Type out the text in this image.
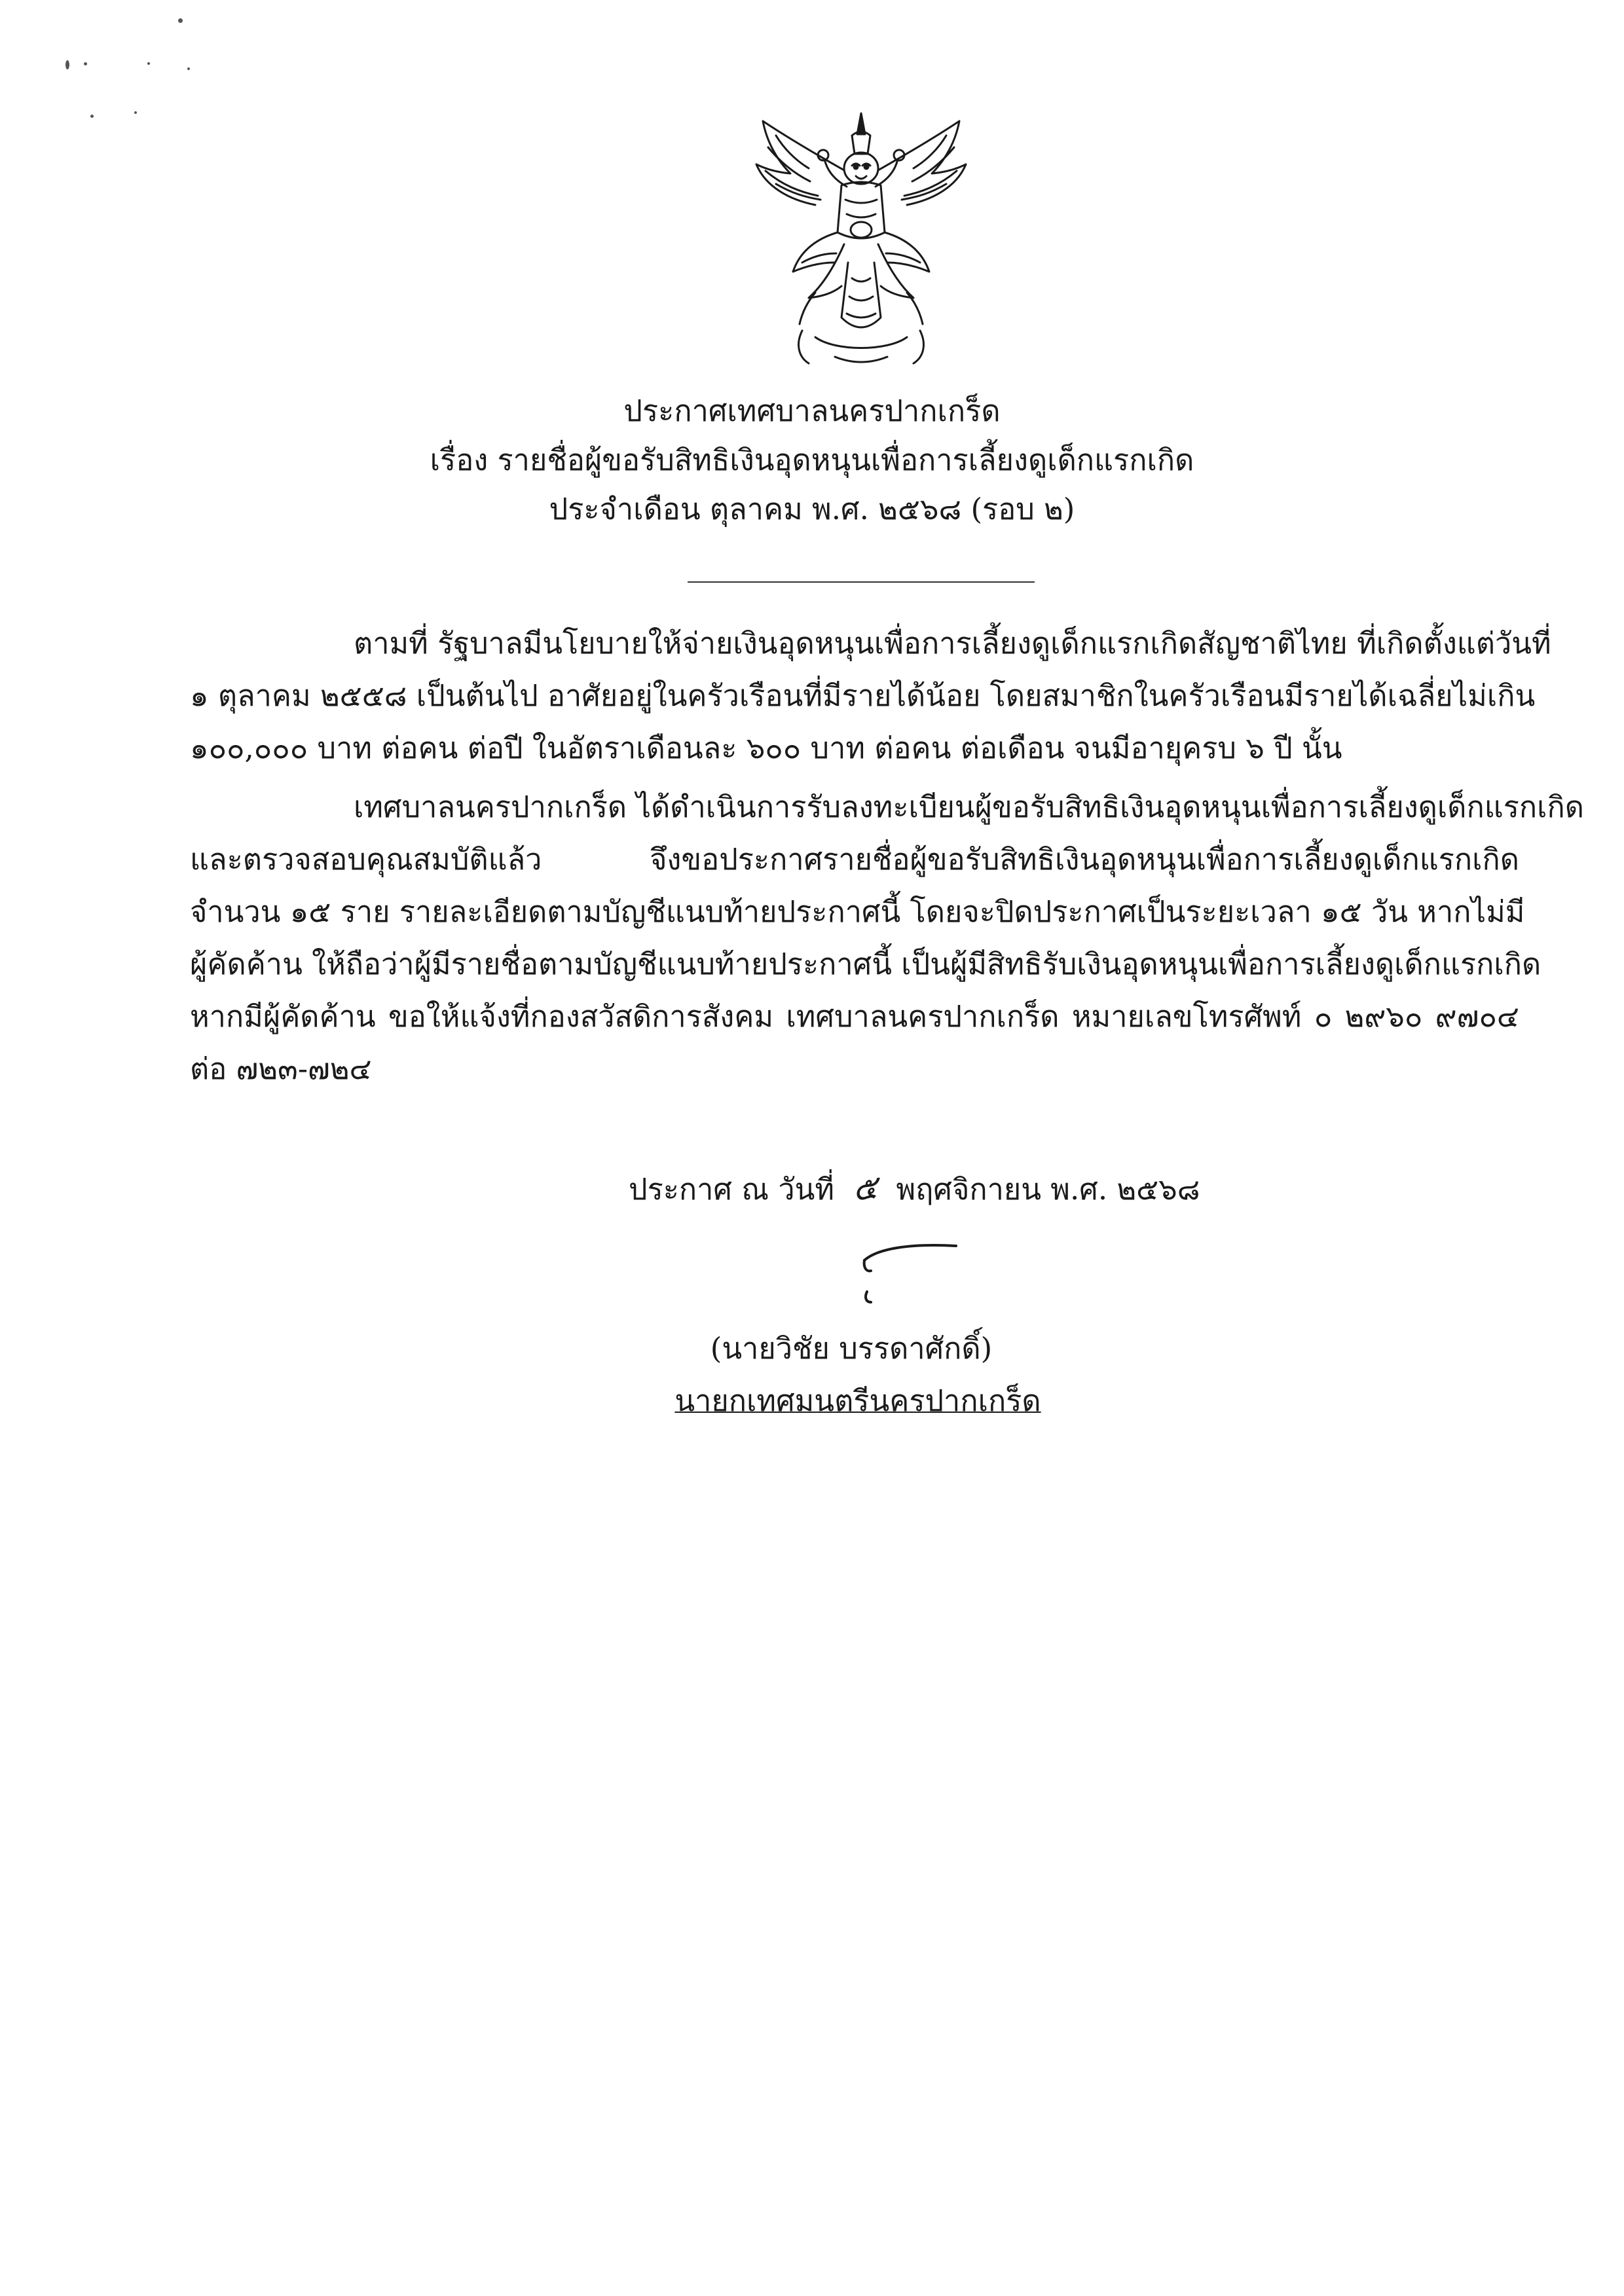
ประกาศเทศบาลนครปากเกร็ด
เรื่อง รายชื่อผู้ขอรับสิทธิเงินอุดหนุนเพื่อการเลี้ยงดูเด็กแรกเกิด
ประจำเดือน ตุลาคม พ.ศ. ๒๕๖๘ (รอบ ๒)
ตามที่ รัฐบาลมีนโยบายให้จ่ายเงินอุดหนุนเพื่อการเลี้ยงดูเด็กแรกเกิดสัญชาติไทย ที่เกิดตั้งแต่วันที่
๑ ตุลาคม ๒๕๕๘ เป็นต้นไป อาศัยอยู่ในครัวเรือนที่มีรายได้น้อย โดยสมาชิกในครัวเรือนมีรายได้เฉลี่ยไม่เกิน
๑๐๐,๐๐๐ บาท ต่อคน ต่อปี ในอัตราเดือนละ ๖๐๐ บาท ต่อคน ต่อเดือน จนมีอายุครบ ๖ ปี นั้น
เทศบาลนครปากเกร็ด ได้ดำเนินการรับลงทะเบียนผู้ขอรับสิทธิเงินอุดหนุนเพื่อการเลี้ยงดูเด็กแรกเกิด
และตรวจสอบคุณสมบัติแล้ว จึงขอประกาศรายชื่อผู้ขอรับสิทธิเงินอุดหนุนเพื่อการเลี้ยงดูเด็กแรกเกิด
จำนวน ๑๕ ราย รายละเอียดตามบัญชีแนบท้ายประกาศนี้ โดยจะปิดประกาศเป็นระยะเวลา ๑๕ วัน หากไม่มี
ผู้คัดค้าน ให้ถือว่าผู้มีรายชื่อตามบัญชีแนบท้ายประกาศนี้ เป็นผู้มีสิทธิรับเงินอุดหนุนเพื่อการเลี้ยงดูเด็กแรกเกิด
หากมีผู้คัดค้าน ขอให้แจ้งที่กองสวัสดิการสังคม เทศบาลนครปากเกร็ด หมายเลขโทรศัพท์ ๐ ๒๙๖๐ ๙๗๐๔
ต่อ ๗๒๓-๗๒๔
ประกาศ ณ วันที่ ๕ พฤศจิกายน พ.ศ. ๒๕๖๘
(นายวิชัย บรรดาศักดิ์)
นายกเทศมนตรีนครปากเกร็ด
